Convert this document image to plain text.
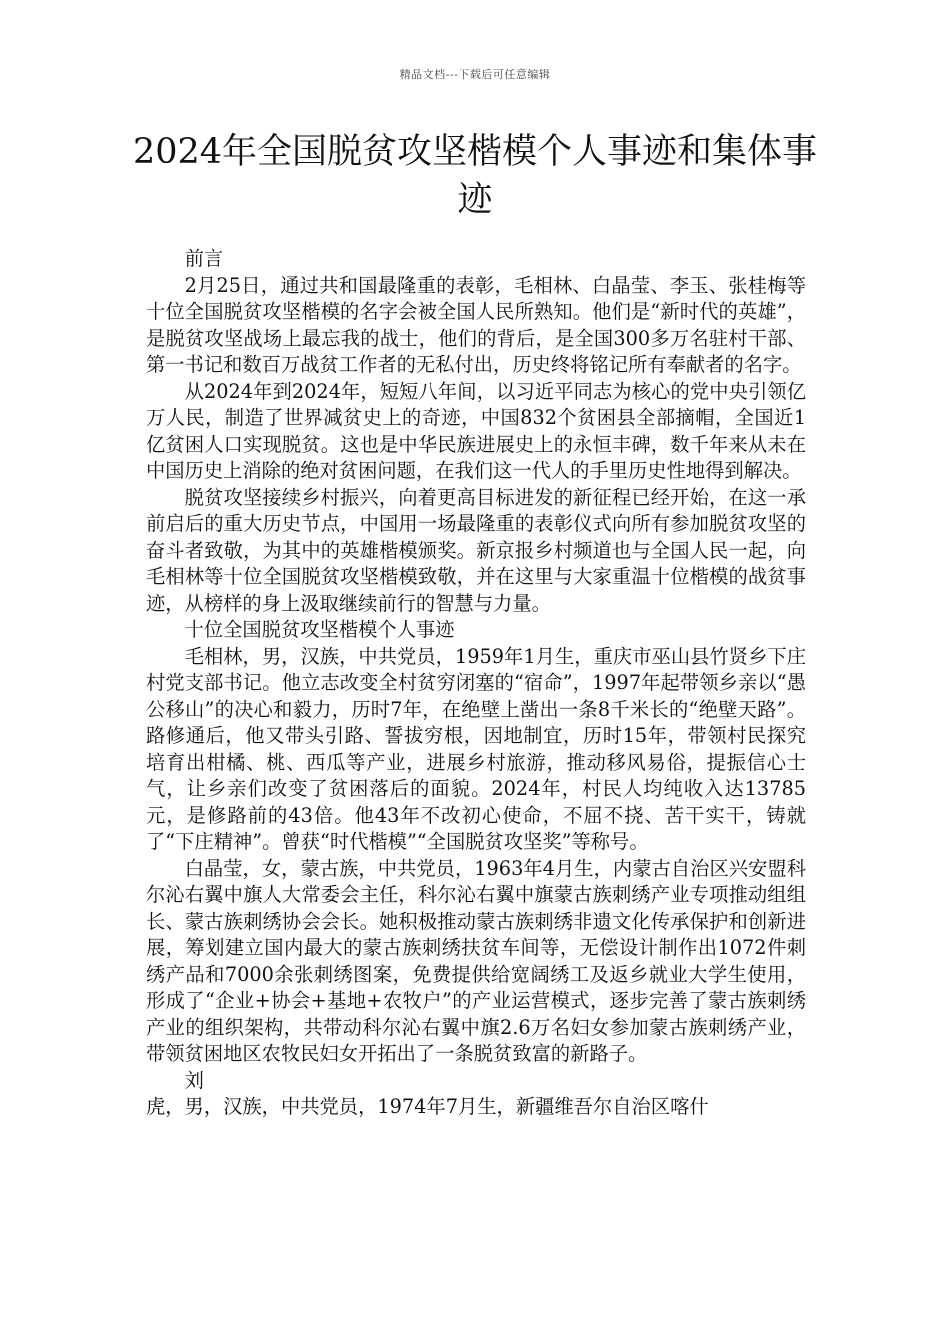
精品文档---下载后可任意编辑
2024年全国脱贫攻坚楷模个人事迹和集体事迹

前言

2月25日，通过共和国最隆重的表彰，毛相林、白晶莹、李玉、张桂梅等十位全国脱贫攻坚楷模的名字会被全国人民所熟知。他们是“新时代的英雄”，是脱贫攻坚战场上最忘我的战士，他们的背后，是全国300多万名驻村干部、第一书记和数百万战贫工作者的无私付出，历史终将铭记所有奉献者的名字。

从2024年到2024年，短短八年间，以习近平同志为核心的党中央引领亿万人民，制造了世界减贫史上的奇迹，中国832个贫困县全部摘帽，全国近1亿贫困人口实现脱贫。这也是中华民族进展史上的永恒丰碑，数千年来从未在中国历史上消除的绝对贫困问题，在我们这一代人的手里历史性地得到解决。

脱贫攻坚接续乡村振兴，向着更高目标进发的新征程已经开始，在这一承前启后的重大历史节点，中国用一场最隆重的表彰仪式向所有参加脱贫攻坚的奋斗者致敬，为其中的英雄楷模颁奖。新京报乡村频道也与全国人民一起，向毛相林等十位全国脱贫攻坚楷模致敬，并在这里与大家重温十位楷模的战贫事迹，从榜样的身上汲取继续前行的智慧与力量。

十位全国脱贫攻坚楷模个人事迹

毛相林，男，汉族，中共党员，1959年1月生，重庆市巫山县竹贤乡下庄村党支部书记。他立志改变全村贫穷闭塞的“宿命”，1997年起带领乡亲以“愚公移山”的决心和毅力，历时7年，在绝壁上凿出一条8千米长的“绝壁天路”。路修通后，他又带头引路、誓拔穷根，因地制宜，历时15年，带领村民探究培育出柑橘、桃、西瓜等产业，进展乡村旅游，推动移风易俗，提振信心士气，让乡亲们改变了贫困落后的面貌。2024年，村民人均纯收入达13785元，是修路前的43倍。他43年不改初心使命，不屈不挠、苦干实干，铸就了“下庄精神”。曾获“时代楷模”“全国脱贫攻坚奖”等称号。

白晶莹，女，蒙古族，中共党员，1963年4月生，内蒙古自治区兴安盟科尔沁右翼中旗人大常委会主任，科尔沁右翼中旗蒙古族刺绣产业专项推动组组长、蒙古族刺绣协会会长。她积极推动蒙古族刺绣非遗文化传承保护和创新进展，筹划建立国内最大的蒙古族刺绣扶贫车间等，无偿设计制作出1072件刺绣产品和7000余张刺绣图案，免费提供给宽阔绣工及返乡就业大学生使用，形成了“企业+协会+基地+农牧户”的产业运营模式，逐步完善了蒙古族刺绣产业的组织架构，共带动科尔沁右翼中旗2.6万名妇女参加蒙古族刺绣产业，带领贫困地区农牧民妇女开拓出了一条脱贫致富的新路子。

刘

虎，男，汉族，中共党员，1974年7月生，新疆维吾尔自治区喀什
